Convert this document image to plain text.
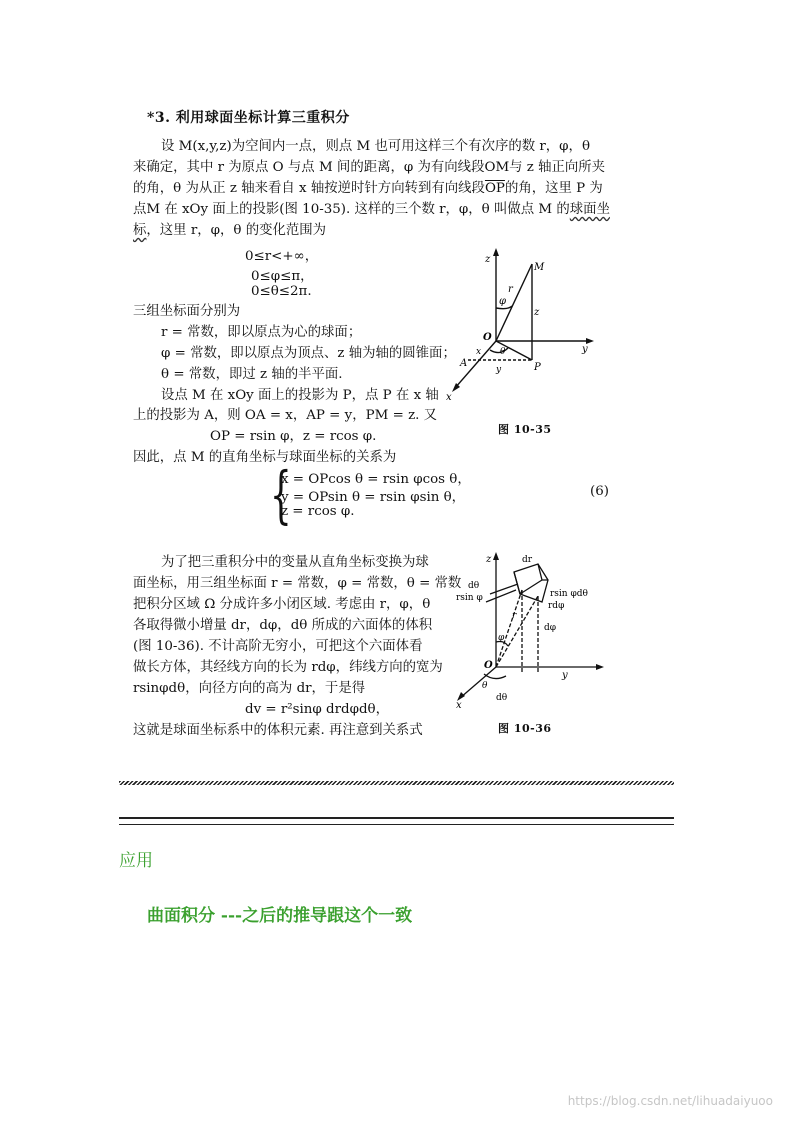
*3. 利用球面坐标计算三重积分

设 M(x,y,z)为空间内一点，则点 M 也可用这样三个有次序的数 r，φ，θ

来确定，其中 r 为原点 O 与点 M 间的距离，φ 为有向线段OM与 z 轴正向所夹

的角，θ 为从正 z 轴来看自 x 轴按逆时针方向转到有向线段$\overline{OP}$的角，这里 P 为

点M 在 xOy 面上的投影(图 10-35). 这样的三个数 r，φ，θ 叫做点 M 的球面坐

标，这里 r，φ，θ 的变化范围为

0≤r<+∞，
0≤φ≤π，
0≤θ≤2π.
三组坐标面分别为
r = 常数，即以原点为心的球面；
φ = 常数，即以原点为顶点、z 轴为轴的圆锥面；
θ = 常数，即过 z 轴的半平面.
设点 M 在 xOy 面上的投影为 P，点 P 在 x 轴
上的投影为 A，则 OA = x，AP = y，PM = z. 又
OP = rsin φ，z = rcos φ.
因此，点 M 的直角坐标与球面坐标的关系为
{
x = OPcos θ = rsin φcos θ，
y = OPsin θ = rsin φsin θ，
z = rcos φ.
(6)
为了把三重积分中的变量从直角坐标变换为球
面坐标，用三组坐标面 r = 常数，φ = 常数，θ = 常数
把积分区域 Ω 分成许多小闭区域. 考虑由 r，φ，θ
各取得微小增量 dr，dφ，dθ 所成的六面体的体积
(图 10-36). 不计高阶无穷小，可把这个六面体看
做长方体，其经线方向的长为 rdφ，纬线方向的宽为
rsinφdθ，向径方向的高为 dr，于是得
dv = r²sinφ drdφdθ，
这就是球面坐标系中的体积元素. 再注意到关系式
z
M
r
φ
z
O
x θ	y
A	P
y
x
图 10-35
z	dr
dθ
rsin φ	rsin φdθ
rdφ
dφ
r
φ
O
y
θ
dθ
x
图 10-36

应用

曲面积分 ---之后的推导跟这个一致

https://blog.csdn.net/lihuadaiyuoo
